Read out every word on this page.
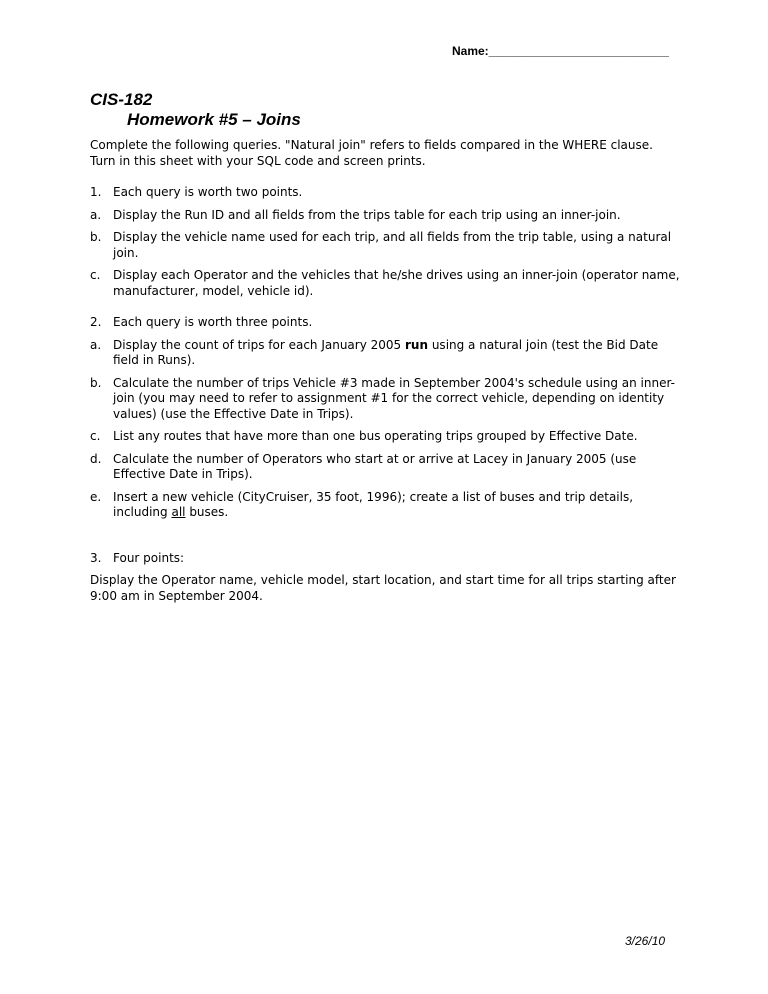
Name:___________________________
CIS-182
Homework #5 – Joins

Complete the following queries. "Natural join" refers to fields compared in the WHERE clause. Turn in this sheet with your SQL code and screen prints.

1. Each query is worth two points.
a. Display the Run ID and all fields from the trips table for each trip using an inner-join.
b. Display the vehicle name used for each trip, and all fields from the trip table, using a natural join.
c.	Display each Operator and the vehicles that he/she drives using an inner-join (operator name, manufacturer, model, vehicle id).
2. Each query is worth three points.
a. Display the count of trips for each January 2005 run using a natural join (test the Bid Date field in Runs).
b. Calculate the number of trips Vehicle #3 made in September 2004's schedule using an inner-join (you may need to refer to assignment #1 for the correct vehicle, depending on identity values) (use the Effective Date in Trips).
c.	List any routes that have more than one bus operating trips grouped by Effective Date.
d. Calculate the number of Operators who start at or arrive at Lacey in January 2005 (use Effective Date in Trips).
e. Insert a new vehicle (CityCruiser, 35 foot, 1996); create a list of buses and trip details, including all buses.
3. Four points:

Display the Operator name, vehicle model, start location, and start time for all trips starting after 9:00 am in September 2004.

3/26/10
